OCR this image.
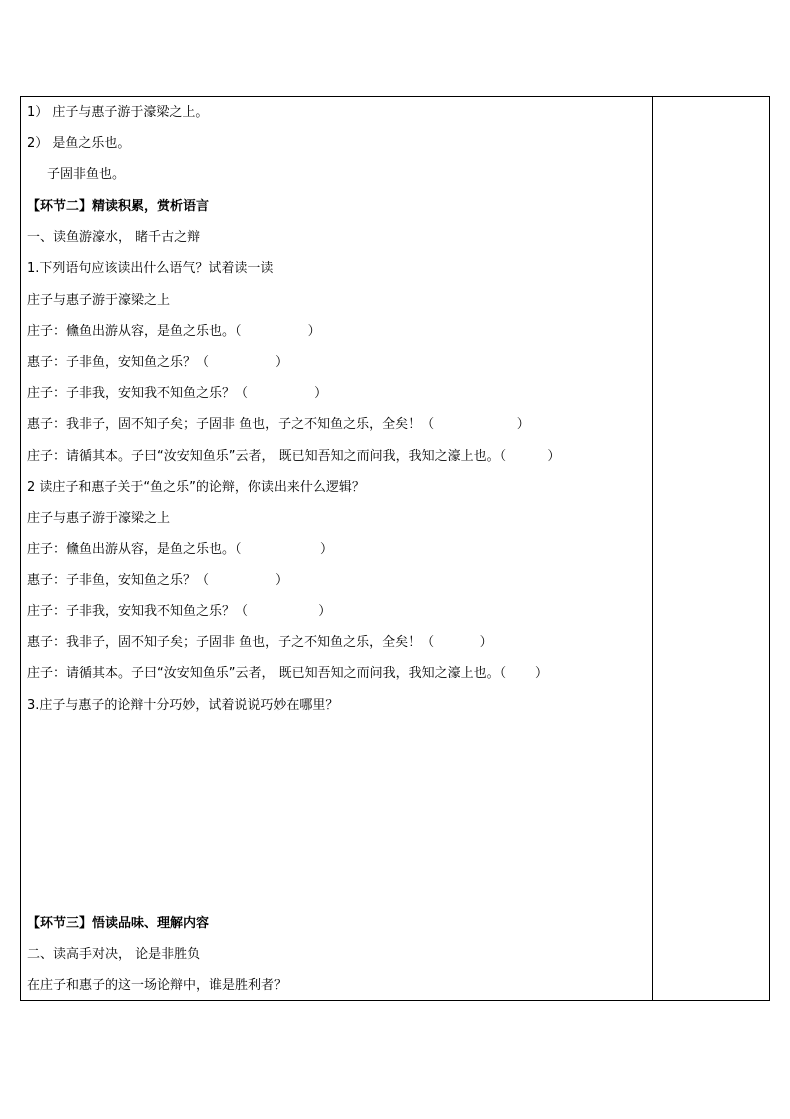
1） 庄子与惠子游于濠梁之上。
2） 是鱼之乐也。
子固非鱼也。
【环节二】精读积累，赏析语言
一、读鱼游濠水， 睹千古之辩
1.下列语句应该读出什么语气？试着读一读
庄子与惠子游于濠梁之上
庄子：儵鱼出游从容，是鱼之乐也。（                ）
惠子：子非鱼，安知鱼之乐？（                ）
庄子：子非我，安知我不知鱼之乐？（                ）
惠子：我非子，固不知子矣；子固非 鱼也，子之不知鱼之乐，全矣！（                    ）
庄子：请循其本。子曰“汝安知鱼乐”云者， 既已知吾知之而问我，我知之濠上也。（          ）
2 读庄子和惠子关于“鱼之乐”的论辩，你读出来什么逻辑？
庄子与惠子游于濠梁之上
庄子：儵鱼出游从容，是鱼之乐也。（                   ）
惠子：子非鱼，安知鱼之乐？（                ）
庄子：子非我，安知我不知鱼之乐？（                 ）
惠子：我非子，固不知子矣；子固非 鱼也，子之不知鱼之乐，全矣！（           ）
庄子：请循其本。子曰“汝安知鱼乐”云者， 既已知吾知之而问我，我知之濠上也。（       ）
3.庄子与惠子的论辩十分巧妙，试着说说巧妙在哪里？
【环节三】悟读品味、理解内容
二、读高手对决， 论是非胜负
在庄子和惠子的这一场论辩中，谁是胜利者？
